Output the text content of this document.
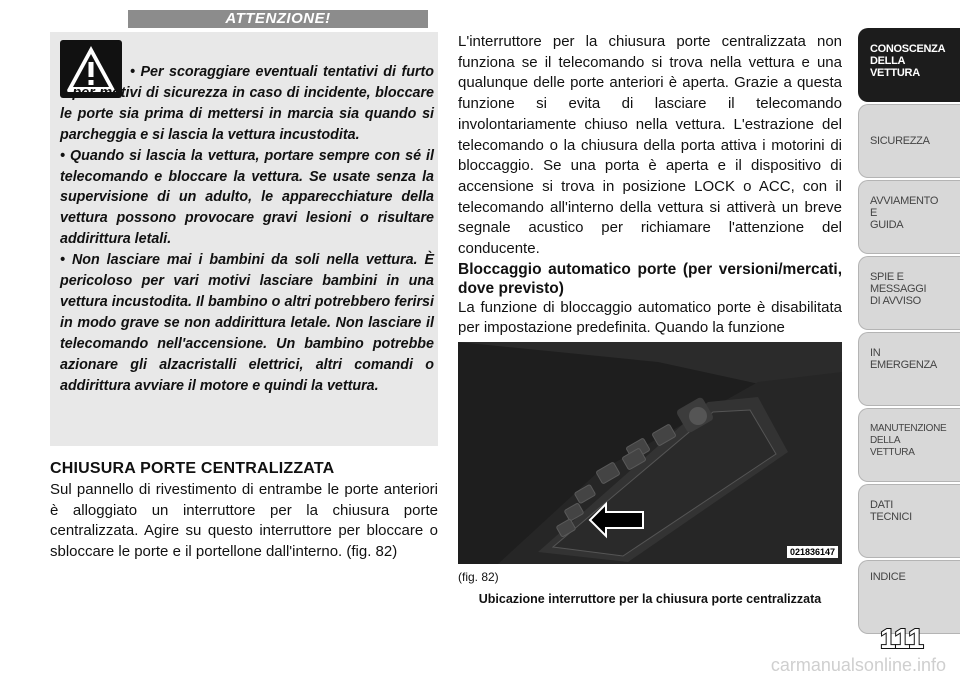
ATTENZIONE!

• Per scoraggiare eventuali tentativi di furto e per motivi di sicurezza in caso di incidente, bloccare le porte sia prima di mettersi in marcia sia quando si parcheggia e si lascia la vettura incustodita.

• Quando si lascia la vettura, portare sempre con sé il telecomando e bloccare la vettura. Se usate senza la supervisione di un adulto, le apparecchiature della vettura possono provocare gravi lesioni o risultare addirittura letali.

• Non lasciare mai i bambini da soli nella vettura. È pericoloso per vari motivi lasciare bambini in una vettura incustodita. Il bambino o altri potrebbero ferirsi in modo grave se non addirittura letale. Non lasciare il telecomando nell'accensione. Un bambino potrebbe azionare gli alzacristalli elettrici, altri comandi o addirittura avviare il motore e quindi la vettura.

CHIUSURA PORTE CENTRALIZZATA

Sul pannello di rivestimento di entrambe le porte anteriori è alloggiato un interruttore per la chiusura porte centralizzata. Agire su questo interruttore per bloccare o sbloccare le porte e il portellone dall'interno. (fig. 82)

L'interruttore per la chiusura porte centralizzata non funziona se il telecomando si trova nella vettura e una qualunque delle porte anteriori è aperta. Grazie a questa funzione si evita di lasciare il telecomando involontariamente chiuso nella vettura. L'estrazione del telecomando o la chiusura della porta attiva i motorini di bloccaggio. Se una porta è aperta e il dispositivo di accensione si trova in posizione LOCK o ACC, con il telecomando all'interno della vettura si attiverà un breve segnale acustico per richiamare l'attenzione del conducente.

Bloccaggio automatico porte (per versioni/mercati, dove previsto)

La funzione di bloccaggio automatico porte è disabilitata per impostazione predefinita. Quando la funzione

021836147
(fig. 82)
Ubicazione interruttore per la chiusura porte centralizzata
CONOSCENZA
DELLA
VETTURA
SICUREZZA
AVVIAMENTO
E
GUIDA
SPIE E
MESSAGGI
DI AVVISO
IN
EMERGENZA
MANUTENZIONE
DELLA
VETTURA
DATI
TECNICI
INDICE
111
carmanualsonline.info
